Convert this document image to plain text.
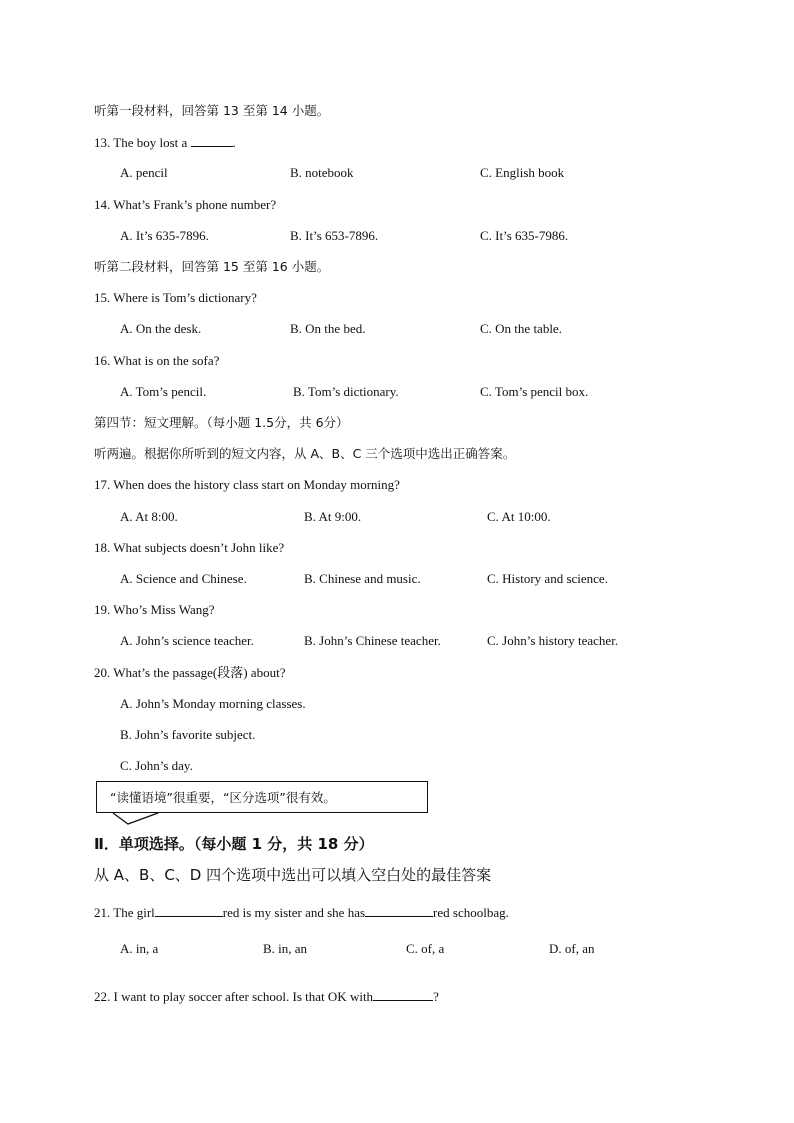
听第一段材料，回答第 13 至第 14 小题。
13. The boy lost a	.
A. pencil	B. notebook	C. English book
14. What’s Frank’s phone number?
A. It’s 635-7896.	B. It’s 653-7896.	C. It’s 635-7986.
听第二段材料，回答第 15 至第 16 小题。
15. Where is Tom’s dictionary?
A. On the desk.	B. On the bed.	C. On the table.
16. What is on the sofa?
A. Tom’s pencil.	B. Tom’s dictionary.	C. Tom’s pencil box.
第四节：短文理解。（每小题 1.5分，共 6分）
听两遍。根据你所听到的短文内容，从 A、B、C 三个选项中选出正确答案。
17. When does the history class start on Monday morning?
A. At 8:00.	B. At 9:00.	C. At 10:00.
18. What subjects doesn’t John like?
A. Science and Chinese.	B. Chinese and music.	C. History and science.
19. Who’s Miss Wang?
A. John’s science teacher.	B. John’s Chinese teacher.	C. John’s history teacher.
20. What’s the passage(段落) about?
A. John’s Monday morning classes.
B. John’s favorite subject.
C. John’s day.
“读懂语境”很重要，“区分选项”很有效。
Ⅱ．单项选择。（每小题 1 分，共 18 分）
从 A、B、C、D 四个选项中选出可以填入空白处的最佳答案
21. The girl	red is my sister and she has	red schoolbag.
A. in, a	B. in, an	C. of, a	D. of, an
22. I want to play soccer after school. Is that OK with	?
